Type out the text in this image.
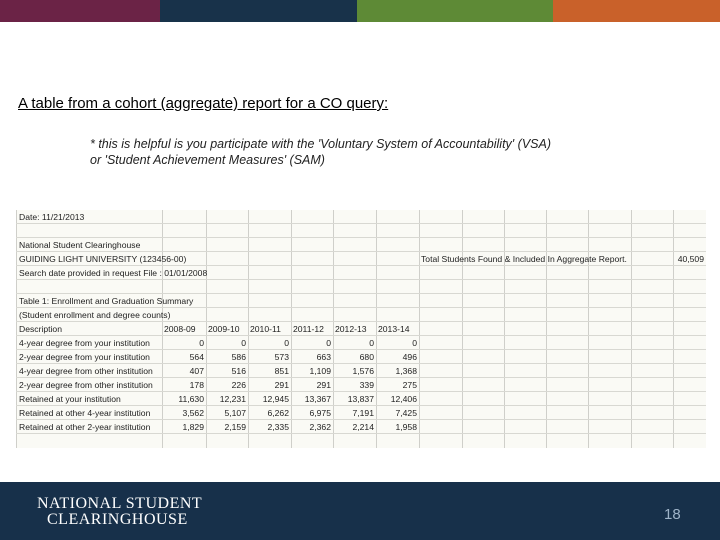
A table from a cohort (aggregate) report for a CO query:
* this is helpful is you participate with the 'Voluntary System of Accountability' (VSA)
or 'Student Achievement Measures' (SAM)
Date: 11/21/2013
National Student Clearinghouse
GUIDING LIGHT UNIVERSITY (123456-00)	Total Students Found & Included In Aggregate Report.	40,509
Search date provided in request File : 01/01/2008
Table 1: Enrollment and Graduation Summary
(Student enrollment and degree counts)
Description	2008-09 2009-10 2010-11 2011-12 2012-13 2013-14
4-year degree from your institution	0	0	0	0	0	0
2-year degree from your institution	564	586	573	663	680	496
4-year degree from other institution	407	516	851	1,109	1,576	1,368
2-year degree from other institution	178	226	291	291	339	275
Retained at your institution	11,630	12,231	12,945	13,367	13,837	12,406
Retained at other 4-year institution	3,562	5,107	6,262	6,975	7,191	7,425
Retained at other 2-year institution	1,829	2,159	2,335	2,362	2,214	1,958
NATIONAL STUDENT
CLEARINGHOUSE	18
